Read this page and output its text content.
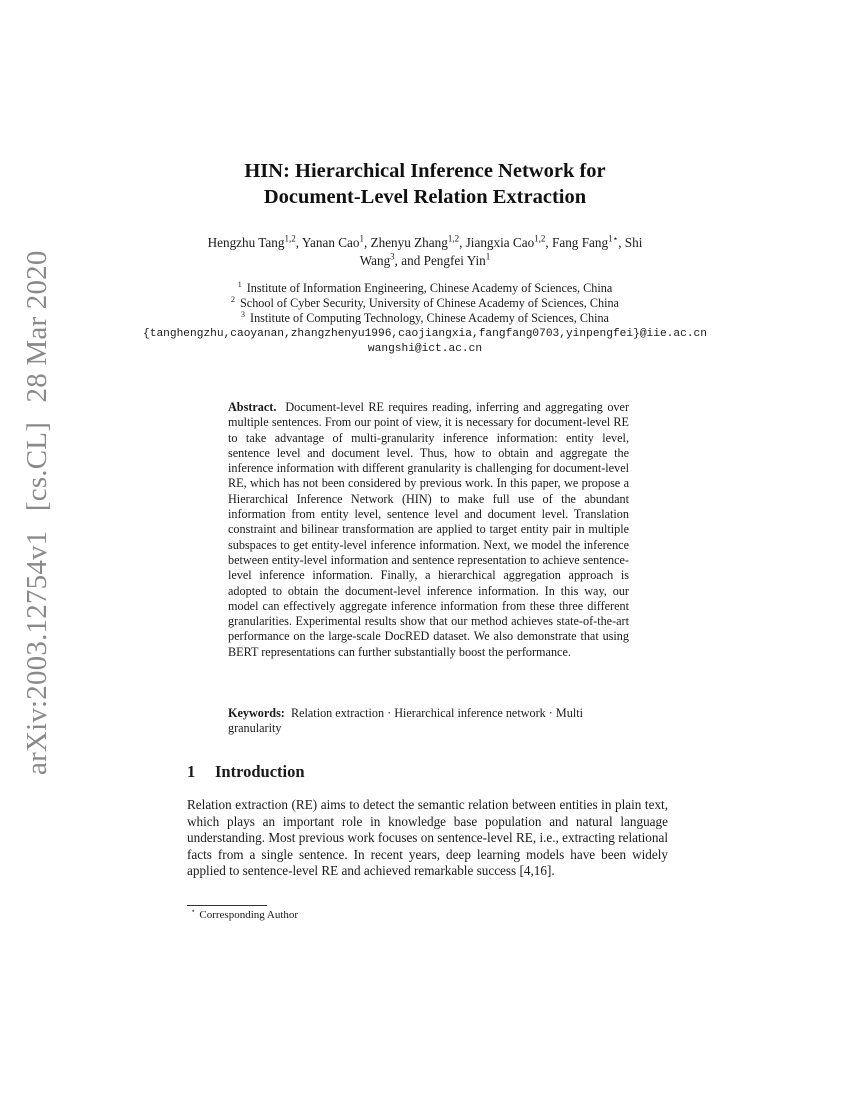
arXiv:2003.12754v1 [cs.CL] 28 Mar 2020
HIN: Hierarchical Inference Network for
Document-Level Relation Extraction
Hengzhu Tang$^{1,2}$, Yanan Cao$^1$, Zhenyu Zhang$^{1,2}$, Jiangxia Cao$^{1,2}$, Fang Fang$^{1⋆}$, Shi Wang$^3$, and Pengfei Yin$^1$
$^1$ Institute of Information Engineering, Chinese Academy of Sciences, China
$^2$ School of Cyber Security, University of Chinese Academy of Sciences, China
$^3$ Institute of Computing Technology, Chinese Academy of Sciences, China
{tanghengzhu,caoyanan,zhangzhenyu1996,caojiangxia,fangfang0703,yinpengfei}@iie.ac.cn
wangshi@ict.ac.cn
Abstract. Document-level RE requires reading, inferring and aggregating over multiple sentences. From our point of view, it is necessary for document-level RE to take advantage of multi-granularity inference information: entity level, sentence level and document level. Thus, how to obtain and aggregate the inference information with different granularity is challenging for document-level RE, which has not been considered by previous work. In this paper, we propose a Hierarchical Inference Network (HIN) to make full use of the abundant information from entity level, sentence level and document level. Translation constraint and bilinear transformation are applied to target entity pair in multiple subspaces to get entity-level inference information. Next, we model the inference between entity-level information and sentence representation to achieve sentence-level inference information. Finally, a hierarchical aggregation approach is adopted to obtain the document-level inference information. In this way, our model can effectively aggregate inference information from these three different granularities. Experimental results show that our method achieves state-of-the-art performance on the large-scale DocRED dataset. We also demonstrate that using BERT representations can further substantially boost the performance.
Keywords: Relation extraction · Hierarchical inference network · Multi granularity
1 Introduction
Relation extraction (RE) aims to detect the semantic relation between entities in plain text, which plays an important role in knowledge base population and natural language understanding. Most previous work focuses on sentence-level RE, i.e., extracting relational facts from a single sentence. In recent years, deep learning models have been widely applied to sentence-level RE and achieved remarkable success [4,16].
⋆ Corresponding Author
